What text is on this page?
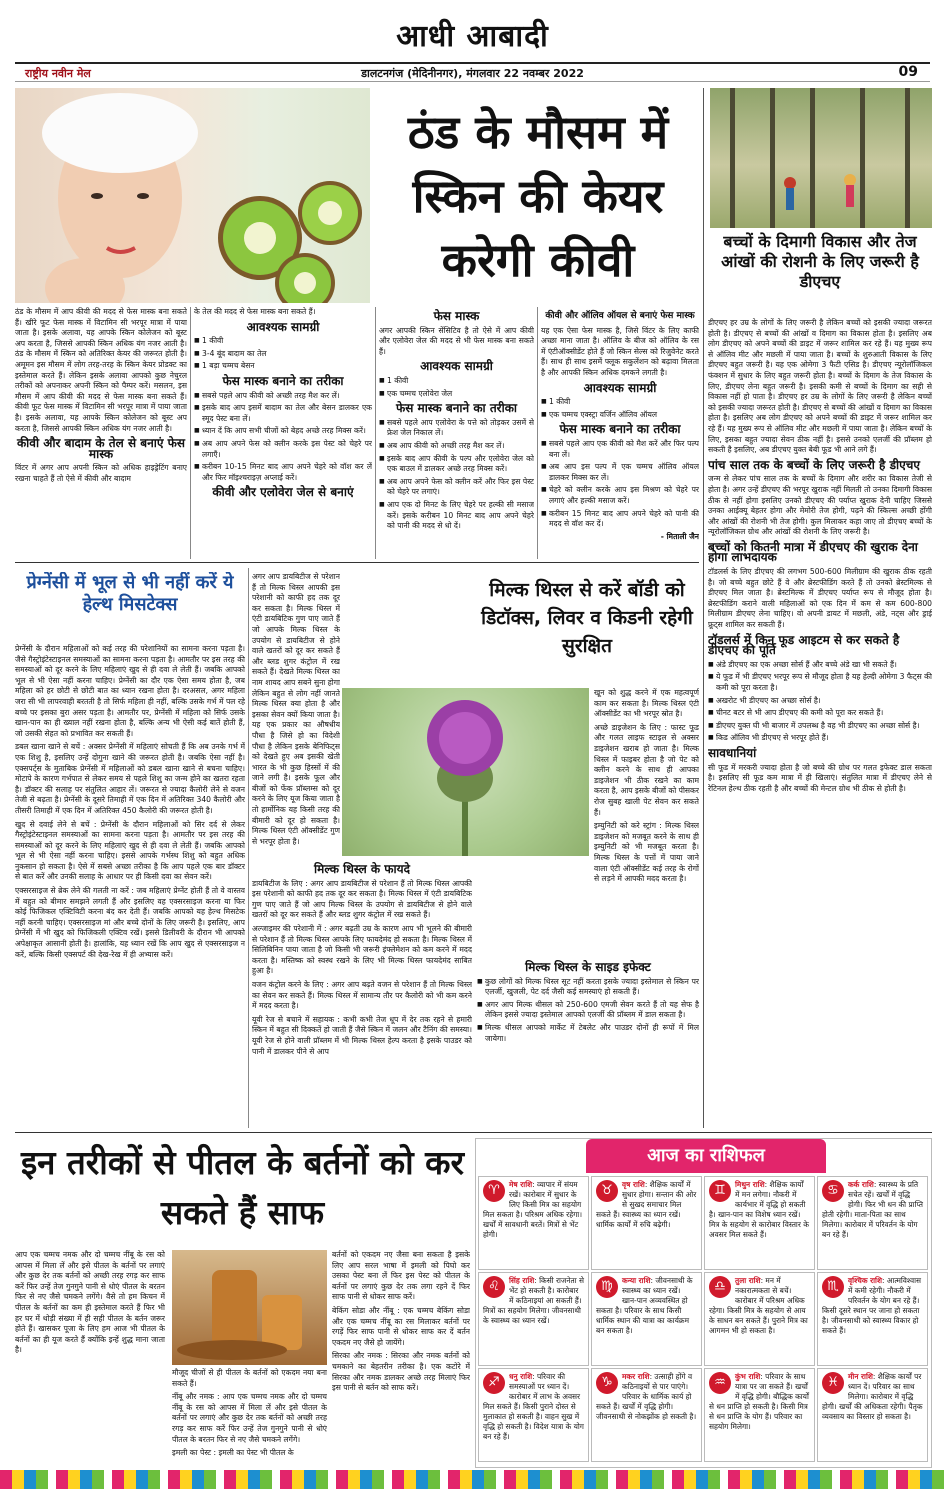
आधी आबादी
राष्ट्रीय नवीन मेल	डालटनगंज (मेदिनीनगर), मंगलवार 22 नवम्बर 2022	09
ठंड के मौसम में स्किन की केयर करेगी कीवी

ठंड के मौसम में आप कीवी की मदद से फेस मास्क बना सकते हैं। खीरे फूट फेस मास्क में विटामिन सी भरपूर मात्रा में पाया जाता है। इसके अलावा, यह आपके स्किन कोलेजन को बूस्ट अप करता है, जिससे आपकी स्किन अधिक यंग नजर आती है। ठंड के मौसम में स्किन को अतिरिक्त केयर की जरूरत होती है। अमूमन इस मौसम में लोग तरह-तरह के स्किन केयर प्रोडक्ट का इस्तेमाल करते हैं। लेकिन इसके अलावा आपको कुछ नेचुरल तरीकों को अपनाकर अपनी स्किन को पैम्पर करें। मसलन, इस मौसम में आप कीवी की मदद से फेस मास्क बना सकते हैं। कीवी फूट फेस मास्क में विटामिन सी भरपूर मात्रा में पाया जाता है। इसके अलावा, यह आपके स्किन कोलेजन को बूस्ट अप करता है, जिससे आपकी स्किन अधिक यंग नजर आती है।

कीवी और बादाम के तेल से बनाएं फेस मास्क

विंटर में अगर आप अपनी स्किन को अधिक हाइड्रेटिंग बनाए रखना चाहते हैं तो ऐसे में कीवी और बादाम

के तेल की मदद से फेस मास्क बना सकते हैं।

आवश्यक सामग्री
■ 1 कीवी
■ 3-4 बूंद बादाम का तेल
■ 1 बड़ा चम्मच बेसन
फेस मास्क बनाने का तरीका
■ सबसे पहले आप कीवी को अच्छी तरह मैश कर लें।
■ इसके बाद आप इसमें बादाम का तेल और बेसन डालकर एक स्मूद पेस्ट बना लें।
■ ध्यान दें कि आप सभी चीजों को बेहद अच्छे तरह मिक्स करें।
■ अब आप अपने फेस को क्लीन करके इस पेस्ट को चेहरे पर लगाएँ।
■ करीबन 10-15 मिनट बाद आप अपने चेहरे को वॉश कर लें और फिर मॉइश्चराइज़ अप्लाई करें।
कीवी और एलोवेरा जेल से बनाएं
फेस मास्क

अगर आपकी स्किन सेंसिटिव है तो ऐसे में आप कीवी और एलोवेरा जेल की मदद से भी फेस मास्क बना सकते हैं।

आवश्यक सामग्री
■ 1 कीवी
■ एक चम्मच एलोवेरा जेल
फेस मास्क बनाने का तरीका
■ सबसे पहले आप एलोवेरा के पत्ते को तोड़कर उसमें से फ्रेश जेल निकाल लें।
■ अब आप कीवी को अच्छी तरह मैश कर लें।
■ इसके बाद आप कीवी के पल्प और एलोवेरा जेल को एक बाउल में डालकर अच्छे तरह मिक्स करें।
■ अब आप अपने फेस को क्लीन करें और फिर इस पेस्ट को चेहरे पर लगाएं।
■ आप एक दो मिनट के लिए चेहरे पर हल्की सी मसाज करें। इसके करीबन 10 मिनट बाद आप अपने चेहरे को पानी की मदद से धो दें।
कीवी और ऑलिव ऑयल से बनाएं फेस मास्क

यह एक ऐसा फेस मास्क है, जिसे विंटर के लिए काफी अच्छा माना जाता है। ऑलिव के बीज को ऑलिव के रस में एंटीऑक्सीडेंट होते हैं जो स्किन सेल्स को रिजुवेनेट करते हैं। साथ ही साथ इसमें फ्लूक सकुलेंशन को बढ़ावा मिलता है और आपकी स्किन अधिक दमकने लगती है।

आवश्यक सामग्री
■ 1 कीवी
■ एक चम्मच एक्स्ट्रा वर्जिन ऑलिव ऑयल
फेस मास्क बनाने का तरीका
■ सबसे पहले आप एक कीवी को मैश करें और फिर पल्प बना लें।
■ अब आप इस पल्प में एक चम्मच ऑलिव ऑयल डालकर मिक्स कर लें।
■ चेहरे को क्लीन करके आप इस मिश्रण को चेहरे पर लगाएं और हल्की मसाज करें।
■ करीबन 15 मिनट बाद आप अपने चेहरे को पानी की मदद से वॉश कर दें।
- मिताली जैन
बच्चों के दिमागी विकास और तेज आंखों की रोशनी के लिए जरूरी है डीएचए

डीएचए हर उम्र के लोगों के लिए जरूरी है लेकिन बच्चों को इसकी ज्यादा जरूरत होती है। डीएचए से बच्चों की आंखों व दिमाग का विकास होता है। इसलिए अब लोग डीएचए को अपने बच्चों की डाइट में जरूर शामिल कर रहे हैं। यह मुख्य रूप से ऑलिव मीट और मछली में पाया जाता है। बच्चों के शुरुआती विकास के लिए डीएचए बहुत जरूरी है। यह एक ओमेगा 3 फैटी एसिड है। डीएचए न्यूरोलॉजिकल फंक्शन में सुधार के लिए बहुत जरूरी होता है। बच्चों के दिमाग के तेज विकास के लिए, डीएचए लेना बहुत जरूरी है। इसकी कमी से बच्चों के दिमाग का सही से विकास नहीं हो पाता है। डीएचए हर उम्र के लोगों के लिए जरूरी है लेकिन बच्चों को इसकी ज्यादा जरूरत होती है। डीएचए से बच्चों की आंखों व दिमाग का विकास होता है। इसलिए अब लोग डीएचए को अपने बच्चों की डाइट में जरूर शामिल कर रहे हैं। यह मुख्य रूप से ऑलिव मीट और मछली में पाया जाता है। लेकिन बच्चों के लिए, इसका बहुत ज्यादा सेवन ठीक नहीं है। इससे उनको एलर्जी की प्रॉब्लम हो सकती है इसलिए, अब डीएचए युक्त बेबी फूड भी आने लगे हैं।

पांच साल तक के बच्चों के लिए जरूरी है डीएचए

जन्म से लेकर पांच साल तक के बच्चों के दिमाग और शरीर का विकास तेजी से होता है। अगर उन्हें डीएचए की भरपूर खुराक नहीं मिलती तो उनका दिमागी विकास ठीक से नहीं होगा इसलिए उनको डीएचए की पर्याप्त खुराक देनी चाहिए जिससे उनका आईक्यू बेहतर होगा और मेमोरी तेज होगी, पढ़ने की स्किल्स अच्छी होंगी और आंखों की रोशनी भी तेज होगी। कुल मिलाकर कहा जाए तो डीएचए बच्चों के न्यूरोलॉजिकल ग्रोथ और आंखों की रोशनी के लिए जरूरी है।

बच्चों को कितनी मात्रा में डीएचए की खुराक देना होगा लाभदायक

टॉडलर्स के लिए डीएचए की लगभग 500-600 मिलीग्राम की खुराक ठीक रहती है। जो बच्चे बहुत छोटे हैं वे और ब्रेस्टफीडिंग करते हैं तो उनको ब्रेस्टमिल्क से डीएचए मिल जाता है। ब्रेस्टमिल्क में डीएचए पर्याप्त रूप से मौजूद होता है। ब्रेस्टफीडिंग कराने वाली महिलाओं को एक दिन में कम से कम 600-800 मिलीग्राम डीएचए लेना चाहिए। वो अपनी डायट में मछली, अंडे, नट्स और ड्राई फ्रूट्स शामिल कर सकती हैं।

टॉडलर्स में किन फूड आइटम से कर सकते है डीएचए की पूर्ति
■ अंडे डीएचए का एक अच्छा सोर्स हैं और बच्चे अंडे खा भी सकते हैं।
■ ये फूड में भी डीएचए भरपूर रूप से मौजूद होता है यह हेल्दी ओमेगा 3 फैट्स की कमी को पूरा करता है।
■ अखरोट भी डीएचए का अच्छा सोर्स है।
■ चीनट बटर से भी आप डीएचए की कमी को पूरा कर सकते हैं।
■ डीएचए युक्त घी भी बाजार में उपलब्ध है वह भी डीएचए का अच्छा सोर्स है।
■ किड ऑलिव भी डीएचए से भरपूर होते हैं।
सावधानियां

सी फूड में मरकरी ज्यादा होता है जो बच्चे की ग्रोथ पर गलत इफेक्ट डाल सकता है। इसलिए सी फूड कम मात्रा में ही खिलाएं। संतुलित मात्रा में डीएचए लेने से रेटिनल हेल्थ ठीक रहती है और बच्चों की मेन्टल ग्रोथ भी ठीक से होती है।

प्रेग्नेंसी में भूल से भी नहीं करें ये हेल्थ मिसटेक्स

प्रेग्नेंसी के दौरान महिलाओं को कई तरह की परेशानियों का सामना करना पड़ता है। जैसे गैस्ट्रोइंटेस्टाइनल समस्याओं का सामना करना पड़ता है। आमतौर पर इस तरह की समस्याओं को दूर करने के लिए महिलाएं खुद से ही दवा ले लेती हैं। जबकि आपको भूल से भी ऐसा नहीं करना चाहिए। प्रेग्नेंसी का दौर एक ऐसा समय होता है, जब महिला को हर छोटी से छोटी बात का ध्यान रखना होता है। दरअसल, अगर महिला जरा सी भी लापरवाही बरतती है तो सिर्फ महिला ही नहीं, बल्कि उसके गर्भ में पल रहे बच्चे पर इसका बुरा असर पड़ता है। आमतौर पर, प्रेग्नेंसी में महिला को सिर्फ उसके खान-पान का ही ख्याल नहीं रखना होता है, बल्कि अन्य भी ऐसी कई बातें होती हैं, जो उसकी सेहत को प्रभावित कर सकती हैं।

डबल खाना खाने से बचें : अक्सर प्रेग्नेंसी में महिलाएं सोचती हैं कि अब उनके गर्भ में एक शिशु है, इसलिए उन्हें दोगुना खाने की जरूरत होती है। जबकि ऐसा नहीं है। एक्सपर्ट्स के मुताबिक प्रेग्नेंसी में महिलाओं को डबल खाना खाने से बचना चाहिए। मोटापे के कारण गर्भपात से लेकर समय से पहले शिशु का जन्म होने का खतरा रहता है। डॉक्टर की सलाह पर संतुलित आहार लें। जरूरत से ज्यादा कैलोरी लेने से वजन तेजी से बढ़ता है। प्रेग्नेंसी के दूसरे तिमाही में एक दिन में अतिरिक्त 340 कैलोरी और तीसरी तिमाही में एक दिन में अतिरिक्त 450 कैलोरी की जरूरत होती है।

खुद से दवाई लेने से बचें : प्रेग्नेंसी के दौरान महिलाओं को सिर दर्द से लेकर गैस्ट्रोइंटेस्टाइनल समस्याओं का सामना करना पड़ता है। आमतौर पर इस तरह की समस्याओं को दूर करने के लिए महिलाएं खुद से ही दवा ले लेती हैं। जबकि आपको भूल से भी ऐसा नहीं करना चाहिए। इससे आपके गर्भस्थ शिशु को बहुत अधिक नुकसान हो सकता है। ऐसे में सबसे अच्छा तरीका है कि आप पहले एक बार डॉक्टर से बात करें और उनकी सलाह के आधार पर ही किसी दवा का सेवन करें।

एक्सरसाइज से ब्रेक लेने की गलती ना करें : जब महिलाएं प्रेग्नेंट होती हैं तो वे वास्तव में बहुत को बीमार समझने लगती हैं और इसलिए वह एक्सरसाइज करना या फिर कोई फिजिकल एक्टिविटी करना बंद कर देती हैं। जबकि आपको यह हेल्थ मिसटेक नहीं करनी चाहिए। एक्सरसाइज मां और बच्चे दोनों के लिए जरूरी है। इसलिए, आप प्रेग्नेंसी में भी खुद को फिजिकली एक्टिव रखें। इससे डिलीवरी के दौरान भी आपको अपेक्षाकृत आसानी होती है। हालांकि, यह ध्यान रखें कि आप खुद से एक्सरसाइज न करें, बल्कि किसी एक्सपर्ट की देख-रेख में ही अभ्यास करें।

मिल्क थिस्ल से करें बॉडी को डिटॉक्स, लिवर व किडनी रहेगी सुरक्षित

अगर आप डायबिटीज से परेशान हैं तो मिल्क थिस्ल आपकी इस परेशानी को काफी हद तक दूर कर सकता है। मिल्क थिस्ल में एंटी डायबिटिक गुण पाए जाते हैं जो आपके मिल्क थिस्ल के उपयोग से डायबिटीज से होने वाले खतरों को दूर कर सकते हैं और ब्लड शुगर कंट्रोल में रख सकते हैं। देखते मिल्क थिस्ल का नाम शायद आप सबने सुना होगा लेकिन बहुत से लोग नहीं जानते मिल्क थिस्ल क्या होता है और इसका सेवन क्यों किया जाता है। यह एक प्रकार का औषधीय पौधा है जिसे हो का विदेशी पौधा है लेकिन इसके बेनिफिट्स को देखते हुए अब इसकी खेती भारत के भी कुछ हिस्सों में की जाने लगी है। इसके फूल और बीजों को फेंक प्रॉब्लम्स को दूर करने के लिए यूज किया जाता है तो हार्मोनिक यह किसी तरह की बीमारी को दूर हो सकता है। मिल्क थिस्ल एंटी ऑक्सीडेंट गुण से भरपूर होता है।

मिल्क थिस्ल के फायदे

डायबिटीज के लिए : अगर आप डायबिटीज से परेशान हैं तो मिल्क थिस्ल आपकी इस परेशानी को काफी हद तक दूर कर सकता है। मिल्क थिस्ल में एंटी डायबिटिक गुण पाए जाते हैं जो आप मिल्क थिस्ल के उपयोग से डायबिटीज से होने वाले खतरों को दूर कर सकते हैं और ब्लड शुगर कंट्रोल में रख सकते हैं।

अल्जाइमर की परेशानी में : अगर बढ़ती उम्र के कारण आप भी भूलने की बीमारी से परेशान हैं तो मिल्क थिस्ल आपके लिए फायदेमंद हो सकता है। मिल्क थिस्ल में सिलिबिनिन पाया जाता है जो किसी भी जरूरी इंफ्लेमेशन को कम करने में मदद करता है। मस्तिष्क को स्वस्थ रखने के लिए भी मिल्क थिस्ल फायदेमंद साबित हुआ है।

वजन कंट्रोल करने के लिए : अगर आप बढ़ते वजन से परेशान हैं तो मिल्क थिस्ल का सेवन कर सकते हैं। मिल्क थिस्ल में सामान्य तौर पर कैलोरी को भी कम करने में मदद करता है।

यूवी रेज से बचाने में सहायक : कभी कभी तेज धूप में देर तक रहने से हमारी स्किन में बहुत सी दिक्कतें हो जाती हैं जैसे स्किन में जलन और टैनिंग की समस्या। यूवी रेज से होने वाली प्रॉब्लम में भी मिल्क थिस्ल हेल्प करता है इसके पाउडर को पानी में डालकर पीने से आप

खून को शुद्ध करने में एक महत्वपूर्ण काम कर सकता है। मिल्क थिस्ल एंटी ऑक्सीडेंट का भी भरपूर स्रोत है।

अच्छे डाइजेशन के लिए : फास्ट फूड और गलत लाइफ स्टाइल से अक्सर डाइजेशन खराब हो जाता है। मिल्क थिस्ल में फाइबर होता है जो पेट को क्लीन करने के साथ ही आपका डाइजेशन भी ठीक रखने का काम करता है, आप इसके बीजों को पीसकर रोज सुबह खाली पेट सेवन कर सकते हैं।

इम्युनिटी को करे स्ट्रांग : मिल्क थिस्ल डाइजेशन को मजबूत करने के साथ ही इम्युनिटी को भी मजबूत करता है। मिल्क थिस्ल के पत्तों में पाया जाने वाला एंटी ऑक्सीडेंट कई तरह के रोगों से लड़ने में आपकी मदद करता है।

मिल्क थिस्ल के साइड इफेक्ट
■ कुछ लोगों को मिल्क थिस्ल सूट नहीं करता इसके ज्यादा इस्तेमाल से स्किन पर एलर्जी, खुजली, पेट दर्द जैसी कई समस्याएं हो सकती हैं।
■ अगर आप मिल्क थीसल को 250-600 एमजी सेवन करते हैं तो यह सेफ है लेकिन इससे ज्यादा इस्तेमाल आपको एलर्जी की प्रॉब्लम में डाल सकता है।
■ मिल्क थीसल आपको मार्केट में टेबलेट और पाउडर दोनों ही रूपों में मिल जायेगा।
इन तरीकों से पीतल के बर्तनों को कर सकते हैं साफ

आप एक चम्मच नमक और दो चम्मच नींबू के रस को आपस में मिला लें और इसे पीतल के बर्तनों पर लगाएं और कुछ देर तक बर्तनों को अच्छी तरह रगड़ कर साफ करें फिर उन्हें तेज गुनगुने पानी से धोएं पीतल के बरतन फिर से नए जैसे चमकने लगेंगे। वैसे तो हम किचन में पीतल के बर्तनों का कम ही इस्तेमाल करते हैं फिर भी हर घर में थोड़ी संख्या में ही सही पीतल के बर्तन जरूर होते हैं। खासकर पूजा के लिए हम आज भी पीतल के बर्तनों का ही यूज करते हैं क्योंकि इन्हें शुद्ध माना जाता है।

मौजूद चीजों से ही पीतल के बर्तनों को एकदम नया बना सकते हैं।

नींबू और नमक : आप एक चम्मच नमक और दो चम्मच नींबू के रस को आपस में मिला लें और इसे पीतल के बर्तनों पर लगाएं और कुछ देर तक बर्तनों को अच्छी तरह रगड़ कर साफ करें फिर उन्हें तेज गुनगुने पानी से धोएं पीतल के बरतन फिर से नए जैसे चमकने लगेंगे।

इमली का पेस्ट : इमली का पेस्ट भी पीतल के

बर्तनों को एकदम नए जैसा बना सकता है इसके लिए आप सरल भाषा में इमली को पिघो कर उसका पेस्ट बना लें फिर इस पेस्ट को पीतल के बर्तनों पर लगाएं कुछ देर तक लगा रहने दें फिर साफ पानी से धोकर साफ करें।

बेकिंग सोडा और नींबू : एक चम्मच बेकिंग सोडा और एक चम्मच नींबू का रस मिलाकर बर्तनों पर रगड़ें फिर साफ पानी से धोकर साफ कर दें बर्तन एकदम नए जैसे हो जायेंगे।

सिरका और नमक : सिरका और नमक बर्तनों को चमकाने का बेहतरीन तरीका है। एक कटोरे में सिरका और नमक डालकर अच्छे तरह मिलाएं फिर इस पानी से बर्तन को साफ करें।

आज का राशिफल
♈	मेष राशि: व्यापार में संयम रखें। कारोबार में सुधार के लिए किसी मित्र का सहयोग मिल सकता है। परिश्रम अधिक रहेगा। खर्चों में सावधानी बरतें। मित्रों से भेंट होगी।
♉	वृष राशि: शैक्षिक कार्यों में सुधार होगा। सन्तान की ओर से सुखद समाचार मिल सकते हैं। स्वास्थ्य का ध्यान रखें। धार्मिक कार्यों में रुचि बढ़ेगी।
♊	मिथुन राशि: शैक्षिक कार्यों में मन लगेगा। नौकरी में कार्यभार में वृद्धि हो सकती है। खान-पान का विशेष ध्यान रखें। मित्र के सहयोग से कारोबार विस्तार के अवसर मिल सकते हैं।
♋	कर्क राशि: स्वास्थ्य के प्रति सचेत रहें। खर्चों में वृद्धि होगी। फिर भी धन की प्राप्ति होती रहेगी। माता-पिता का साथ मिलेगा। कारोबार में परिवर्तन के योग बन रहे हैं।
♌	सिंह राशि: किसी राजनेता से भेंट हो सकती है। कारोबार में कठिनाइयां आ सकती हैं। मित्रों का सहयोग मिलेगा। जीवनसाथी के स्वास्थ्य का ध्यान रखें।
♍	कन्या राशि: जीवनसाथी के स्वास्थ्य का ध्यान रखें। खान-पान अव्यवस्थित हो सकता है। परिवार के साथ किसी धार्मिक स्थान की यात्रा का कार्यक्रम बन सकता है।
♎	तुला राशि: मन में नकारात्मकता से बचें। कारोबार में परिश्रम अधिक रहेगा। किसी मित्र के सहयोग से आय के साधन बन सकते हैं। पुराने मित्र का आगमन भी हो सकता है।
♏	वृश्चिक राशि: आत्मविश्वास में कमी रहेगी। नौकरी में परिवर्तन के योग बन रहे हैं। किसी दूसरे स्थान पर जाना हो सकता है। जीवनसाथी को स्वास्थ्य विकार हो सकते हैं।
♐	धनु राशि: परिवार की समस्याओं पर ध्यान दें। कारोबार में लाभ के अवसर मिल सकते हैं। किसी पुराने दोस्त से मुलाकात हो सकती है। वाहन सुख में वृद्धि हो सकती है। विदेश यात्रा के योग बन रहे हैं।
♑	मकर राशि: उत्साही होंगे व कठिनाइयों से पार पाएंगे। परिवार के धार्मिक कार्य हो सकते हैं। खर्चों में वृद्धि होगी। जीवनसाथी से नोकझोंक हो सकती है।
♒	कुंभ राशि: परिवार के साथ यात्रा पर जा सकते हैं। खर्चों में वृद्धि होगी। बौद्धिक कार्यों से धन प्राप्ति हो सकती है। किसी मित्र से धन प्राप्ति के योग हैं। परिवार का सहयोग मिलेगा।
♓	मीन राशि: शैक्षिक कार्यों पर ध्यान दें। परिवार का साथ मिलेगा। कारोबार में वृद्धि होगी। खर्चों की अधिकता रहेगी। पैतृक व्यवसाय का विस्तार हो सकता है।
